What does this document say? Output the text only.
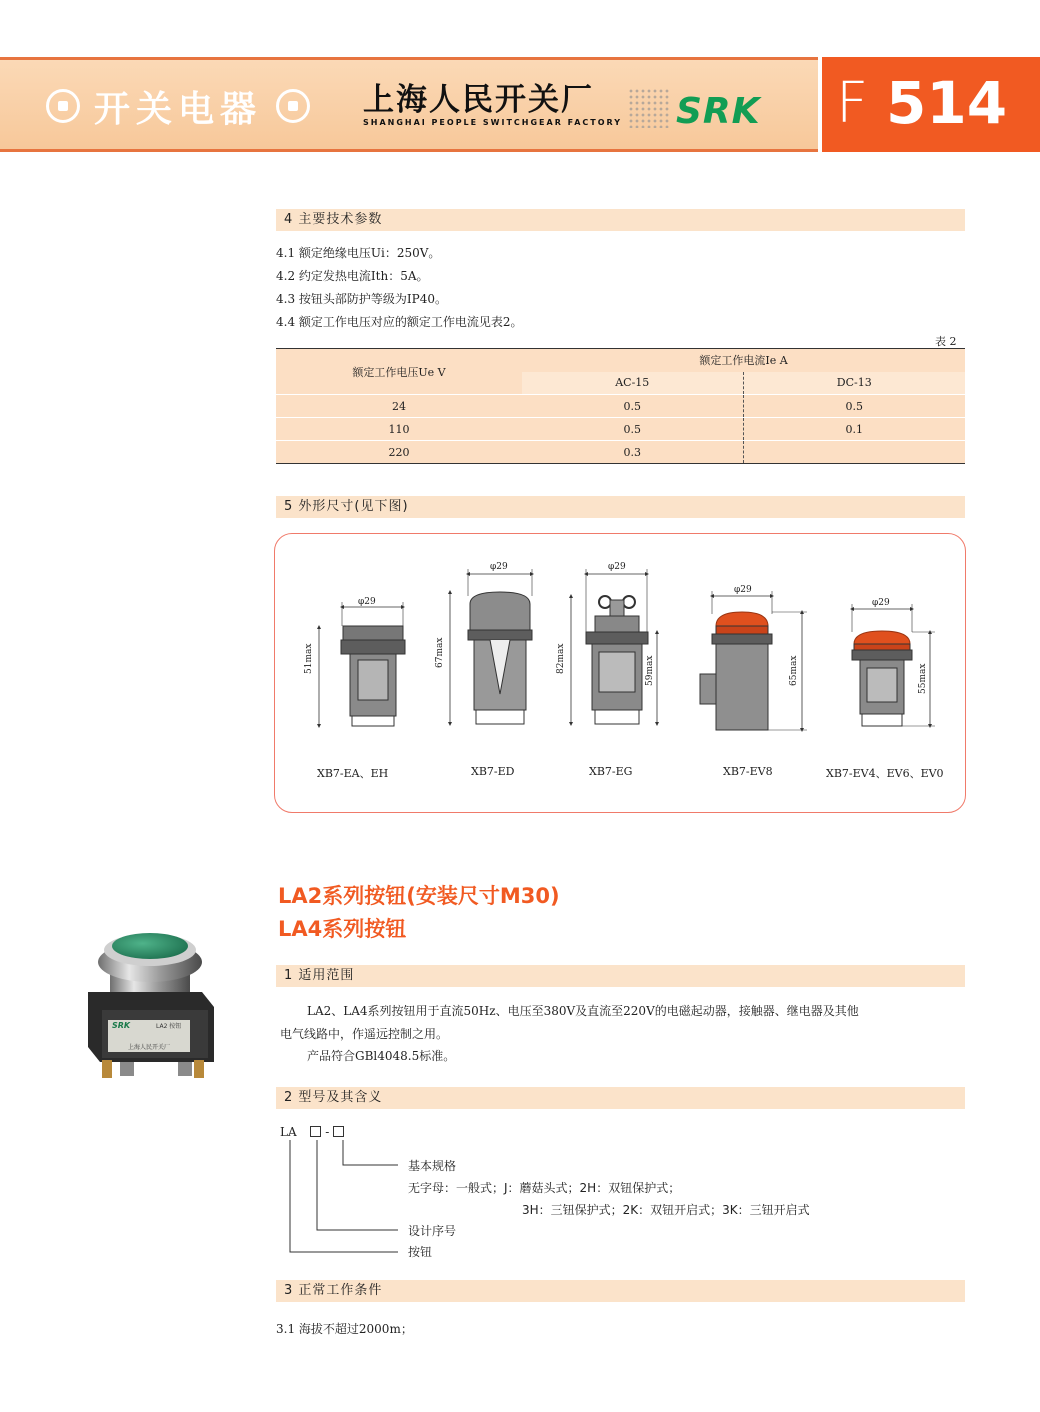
开关电器	上海人民开关厂
SHANGHAI PEOPLE SWITCHGEAR FACTORY SRK F 514
4 主要技术参数
4.1 额定绝缘电压Ui：250V。
4.2 约定发热电流Ith：5A。
4.3 按钮头部防护等级为IP40。
4.4 额定工作电压对应的额定工作电流见表2。
表 2
额定工作电压Ue V	额定工作电流Ie A	
	AC-15	DC-13
24	0.5	0.5
110	0.5	0.1
220	0.3	
5 外形尺寸(见下图)
φ29
51max
φ29
67max
φ29
82max	59max
φ29
65max
φ29
55max
XB7-EA、EH	XB7-ED	XB7-EG	XB7-EV8	XB7-EV4、EV6、EV0
LA2系列按钮(安装尺寸M30)
LA4系列按钮
SRK	LA2 按钮
上海人民开关厂
1 适用范围
LA2、LA4系列按钮用于直流50Hz、电压至380V及直流至220V的电磁起动器，接触器、继电器及其他
电气线路中，作遥远控制之用。
产品符合GBl4048.5标准。
2 型号及其含义
LA -
基本规格
无字母：一般式；J：蘑菇头式；2H：双钮保护式；
3H：三钮保护式；2K：双钮开启式；3K：三钮开启式
设计序号
按钮
3 正常工作条件
3.1 海拔不超过2000m；
